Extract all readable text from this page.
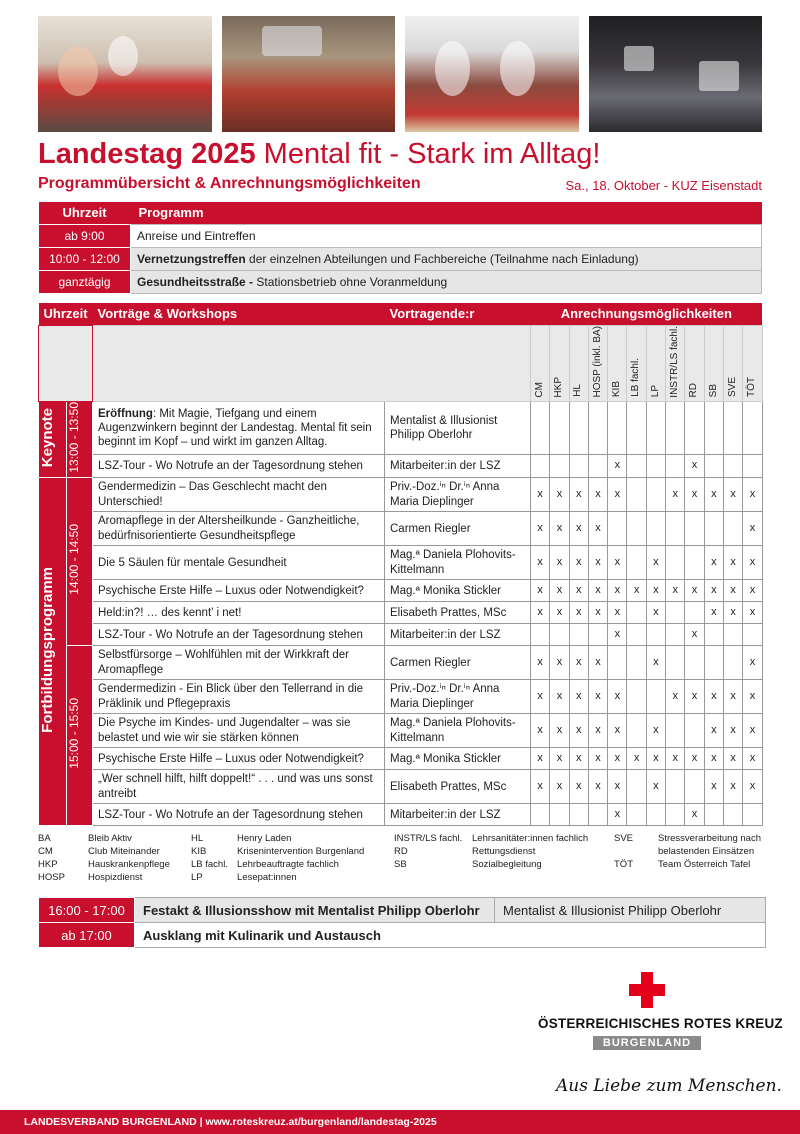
Landestag 2025 Mental fit - Stark im Alltag!
Programmübersicht & Anrechnungsmöglichkeiten	Sa., 18. Oktober - KUZ Eisenstadt
Uhrzeit	Programm
ab 9:00	Anreise und Eintreffen
10:00 - 12:00	Vernetzungstreffen der einzelnen Abteilungen und Fachbereiche (Teilnahme nach Einladung)
ganztägig	Gesundheitsstraße - Stationsbetrieb ohne Voranmeldung
Uhrzeit		Vorträge & Workshops	Vortragende:r	Anrechnungsmöglichkeiten											

				CM	HKP	HL	HOSP (inkl. BA)	KIB	LB fachl.	LP	INSTR/LS fachl.	RD	SB	SVE	TÖT

Keynote	13:00 - 13:50	Eröffnung: Mit Magie, Tiefgang und einem Augenzwinkern beginnt der Landestag. Mental fit sein beginnt im Kopf – und wirkt im ganzen Alltag.	Mentalist & Illusionist Philipp Oberlohr												
		LSZ-Tour - Wo Notrufe an der Tagesordnung stehen	Mitarbeiter:in der LSZ					x				x			
Fortbildungsprogramm	14:00 - 14:50	Gendermedizin – Das Geschlecht macht den Unterschied!	Priv.-Doz.ⁱⁿ Dr.ⁱⁿ Anna Maria Dieplinger	x	x	x	x	x			x	x	x	x	x
		Aromapflege in der Altersheilkunde - Ganzheitliche, bedürfnisorientierte Gesundheitspflege	Carmen Riegler	x	x	x	x								x
		Die 5 Säulen für mentale Gesundheit	Mag.ª Daniela Plohovits-Kittelmann	x	x	x	x	x		x			x	x	x
		Psychische Erste Hilfe – Luxus oder Notwendigkeit?	Mag.ª Monika Stickler	x	x	x	x	x	x	x	x	x	x	x	x
		Held:in?! … des kennt’ i net!	Elisabeth Prattes, MSc	x	x	x	x	x		x			x	x	x
		LSZ-Tour - Wo Notrufe an der Tagesordnung stehen	Mitarbeiter:in der LSZ					x				x			
	15:00 - 15:50	Selbstfürsorge – Wohlfühlen mit der Wirkkraft der Aromapflege	Carmen Riegler	x	x	x	x			x					x
		Gendermedizin - Ein Blick über den Tellerrand in die Präklinik und Pflegepraxis	Priv.-Doz.ⁱⁿ Dr.ⁱⁿ Anna Maria Dieplinger	x	x	x	x	x			x	x	x	x	x
		Die Psyche im Kindes- und Jugendalter – was sie belastet und wie wir sie stärken können	Mag.ª Daniela Plohovits-Kittelmann	x	x	x	x	x		x			x	x	x
		Psychische Erste Hilfe – Luxus oder Notwendigkeit?	Mag.ª Monika Stickler	x	x	x	x	x	x	x	x	x	x	x	x
		„Wer schnell hilft, hilft doppelt!“ . . . und was uns sonst antreibt	Elisabeth Prattes, MSc	x	x	x	x	x		x			x	x	x
		LSZ-Tour - Wo Notrufe an der Tagesordnung stehen	Mitarbeiter:in der LSZ					x				x			
BA	Bleib Aktiv
CM	Club Miteinander
HKP	Hauskrankenpflege
HOSP Hospizdienst
HL	Henry Laden
KIB	Krisenintervention Burgenland
LB fachl. Lehrbeauftragte fachlich
LP	Lesepat:innen
INSTR/LS fachl. Lehrsanitäter:innen fachlich
RD	Rettungsdienst
SB	Sozialbegleitung
SVE	Stressverarbeitung nach
belastenden Einsätzen
TÖT	Team Österreich Tafel
16:00 - 17:00	Festakt & Illusionsshow mit Mentalist Philipp Oberlohr	Mentalist & Illusionist Philipp Oberlohr
ab 17:00	Ausklang mit Kulinarik und Austausch	
ÖSTERREICHISCHES ROTES KREUZ
BURGENLAND
Aus Liebe zum Menschen.
LANDESVERBAND BURGENLAND | www.roteskreuz.at/burgenland/landestag-2025
